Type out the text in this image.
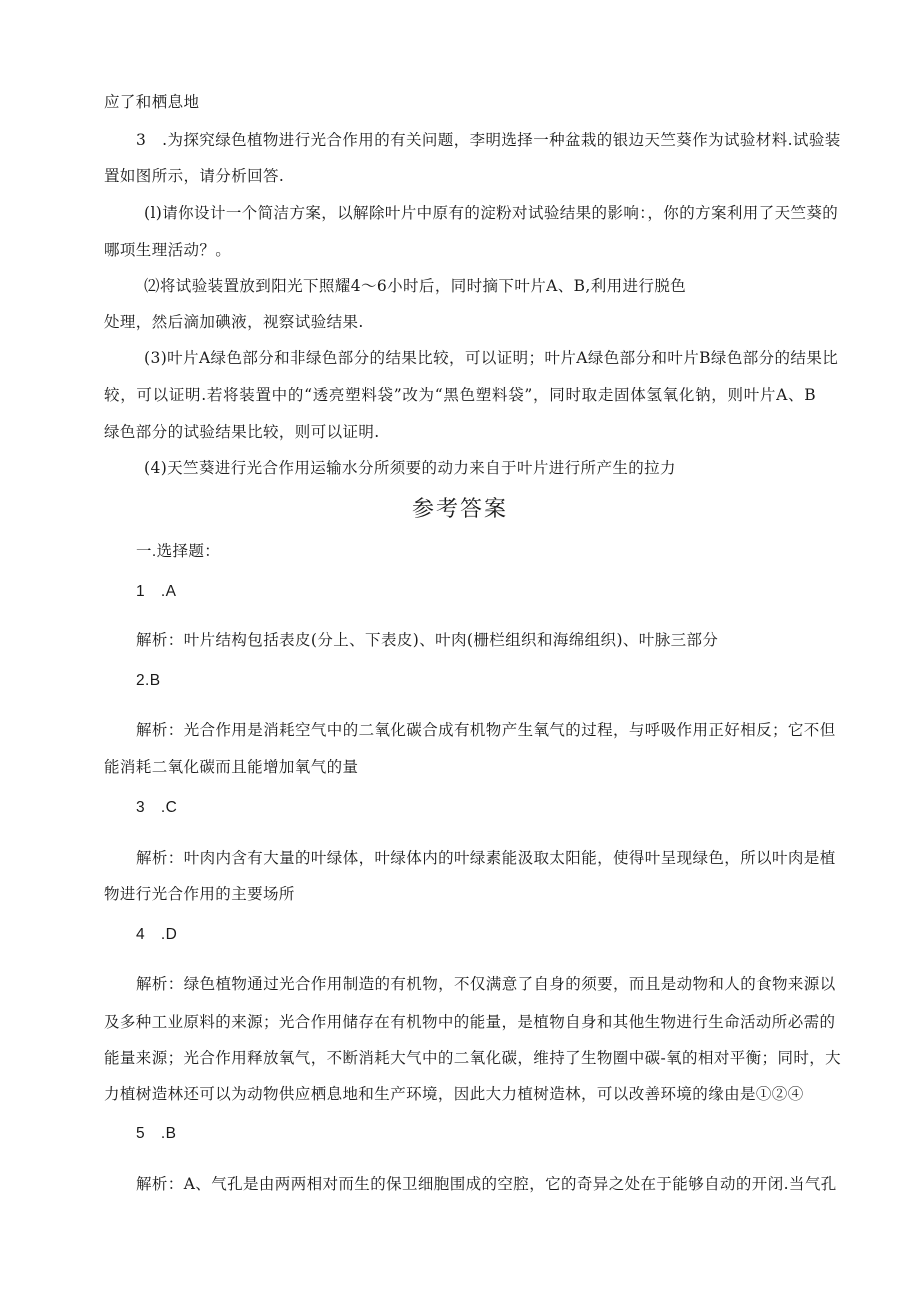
应了和栖息地
3　.为探究绿色植物进行光合作用的有关问题，李明选择一种盆栽的银边天竺葵作为试验材料.试验装
置如图所示，请分析回答.
(l)请你设计一个简洁方案，以解除叶片中原有的淀粉对试验结果的影响：，你的方案利用了天竺葵的
哪项生理活动？。
⑵将试验装置放到阳光下照耀4～6小时后，同时摘下叶片A、B,利用进行脱色
处理，然后滴加碘液，视察试验结果.
(3)叶片A绿色部分和非绿色部分的结果比较，可以证明；叶片A绿色部分和叶片B绿色部分的结果比
较，可以证明.若将装置中的“透亮塑料袋”改为“黑色塑料袋”，同时取走固体氢氧化钠，则叶片A、B
绿色部分的试验结果比较，则可以证明.
(4)天竺葵进行光合作用运输水分所须要的动力来自于叶片进行所产生的拉力
参考答案
一.选择题：
1　.A
解析：叶片结构包括表皮(分上、下表皮)、叶肉(栅栏组织和海绵组织)、叶脉三部分
2.B
解析：光合作用是消耗空气中的二氧化碳合成有机物产生氧气的过程，与呼吸作用正好相反；它不但
能消耗二氧化碳而且能增加氧气的量
3　.C
解析：叶肉内含有大量的叶绿体，叶绿体内的叶绿素能汲取太阳能，使得叶呈现绿色，所以叶肉是植
物进行光合作用的主要场所
4　.D
解析：绿色植物通过光合作用制造的有机物，不仅满意了自身的须要，而且是动物和人的食物来源以
及多种工业原料的来源；光合作用储存在有机物中的能量，是植物自身和其他生物进行生命活动所必需的
能量来源；光合作用释放氧气，不断消耗大气中的二氧化碳，维持了生物圈中碳-氧的相对平衡；同时，大
力植树造林还可以为动物供应栖息地和生产环境，因此大力植树造林，可以改善环境的缘由是①②④
5　.B
解析：A、气孔是由两两相对而生的保卫细胞围成的空腔，它的奇异之处在于能够自动的开闭.当气孔
